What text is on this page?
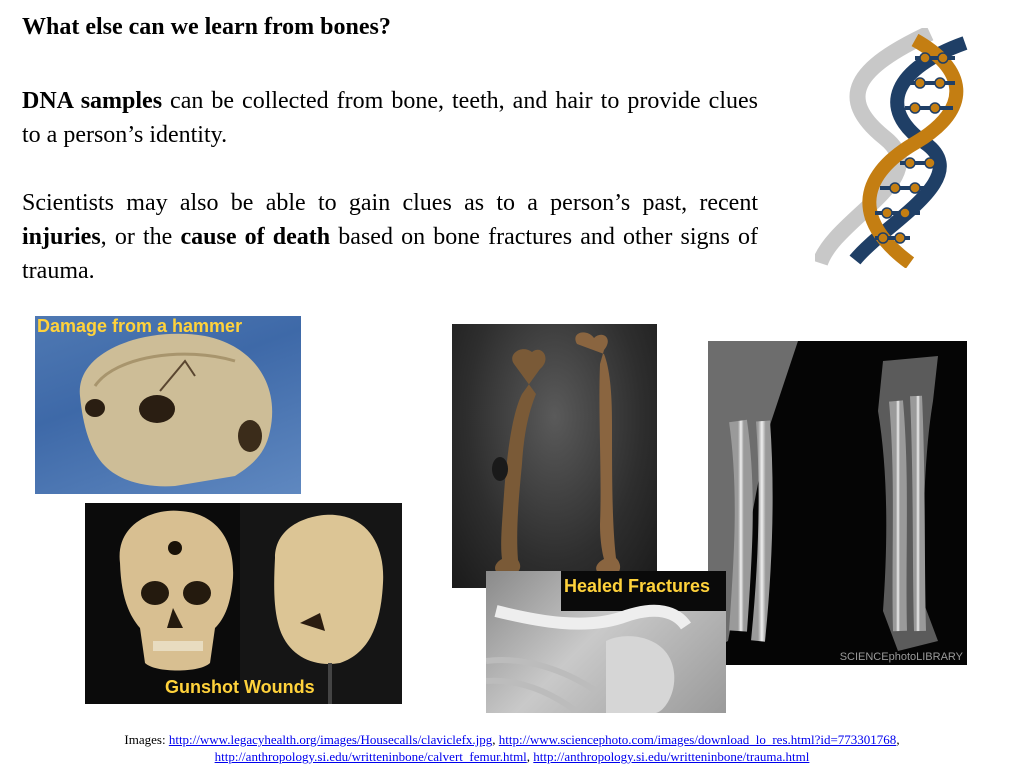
What else can we learn from bones?
DNA samples can be collected from bone, teeth, and hair to provide clues to a person’s identity.
Scientists may also be able to gain clues as to a person’s past, recent injuries, or the cause of death based on bone fractures and other signs of trauma.
Damage from a hammer
SCIENCEphotoLIBRARY
Gunshot Wounds
Healed Fractures
Images: http://www.legacyhealth.org/images/Housecalls/claviclefx.jpg, http://www.sciencephoto.com/images/download_lo_res.html?id=773301768,
http://anthropology.si.edu/writteninbone/calvert_femur.html, http://anthropology.si.edu/writteninbone/trauma.html
